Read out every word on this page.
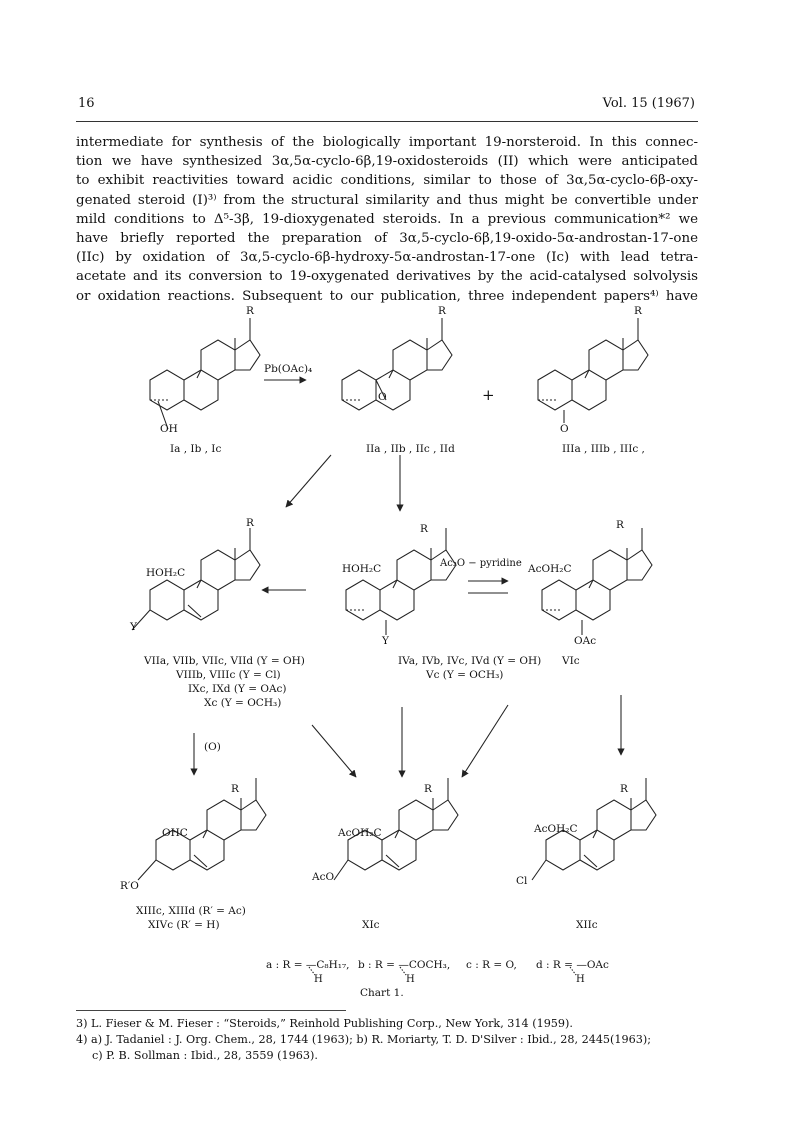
16	Vol. 15 (1967)
intermediate for synthesis of the biologically important 19-norsteroid. In this connec-
tion we have synthesized 3α,5α-cyclo-6β,19-oxidosteroids (II) which were anticipated
to exhibit reactivities toward acidic conditions, similar to those of 3α,5α-cyclo-6β-oxy-
genated steroid (I)³⁾ from the structural similarity and thus might be convertible under
mild conditions to Δ⁵-3β, 19-dioxygenated steroids. In a previous communication*² we
have briefly reported the preparation of 3α,5-cyclo-6β,19-oxido-5α-androstan-17-one
(IIc) by oxidation of 3α,5-cyclo-6β-hydroxy-5α-androstan-17-one (Ic) with lead tetra-
acetate and its conversion to 19-oxygenated derivatives by the acid-catalysed solvolysis
or oxidation reactions. Subsequent to our publication, three independent papers⁴⁾ have
R	R	R
OH
O
O
Pb(OAc)₄
+
Ia , Ib , Ic	IIa , IIb , IIc , IId	IIIa , IIIb , IIIc ,
R	R	R
HOH₂C	HOH₂C	AcOH₂C
Y
Y	OAc
Ac₂O − pyridine
VIIa, VIIb, VIIc, VIId (Y = OH)
VIIIb, VIIIc (Y = Cl)
IXc, IXd (Y = OAc)
Xc (Y = OCH₃)
IVa, IVb, IVc, IVd (Y = OH)
Vc (Y = OCH₃)
VIc
(O)
R	R	R
OHC	AcOH₂C	AcOH₂C
R′O
AcO	Cl
XIIIc, XIIId (R′ = Ac)
XIVc (R′ = H)	XIc	XIIc
a : R = —C₈H₁₇, b : R = —COCH₃, c : R = O, d : R = —OAc
H	H	H
Chart 1.
3) L. Fieser & M. Fieser : “Steroids,” Reinhold Publishing Corp., New York, 314 (1959).
4) a) J. Tadaniel : J. Org. Chem., 28, 1744 (1963); b) R. Moriarty, T. D. D'Silver : Ibid., 28, 2445(1963);
c) P. B. Sollman : Ibid., 28, 3559 (1963).
